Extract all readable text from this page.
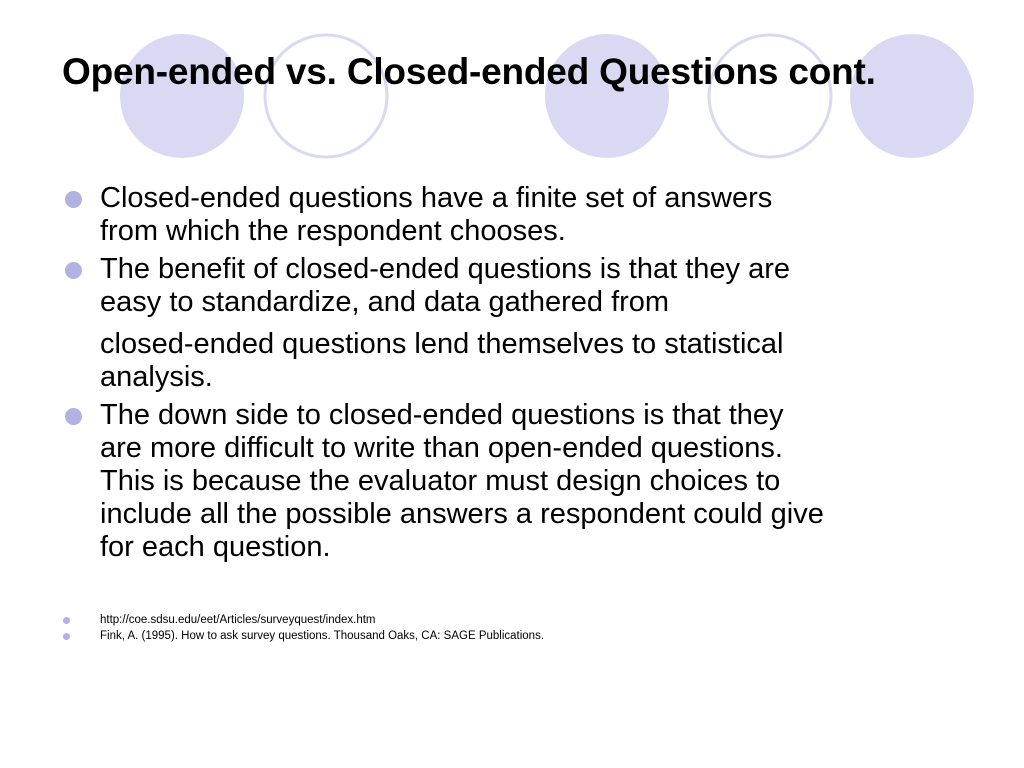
Open-ended vs. Closed-ended Questions cont.
Closed-ended questions have a finite set of answers
from which the respondent chooses.
The benefit of closed-ended questions is that they are
easy to standardize, and data gathered from
closed-ended questions lend themselves to statistical
analysis.
The down side to closed-ended questions is that they
are more difficult to write than open-ended questions.
This is because the evaluator must design choices to
include all the possible answers a respondent could give
for each question.
http://coe.sdsu.edu/eet/Articles/surveyquest/index.htm
Fink, A. (1995). How to ask survey questions. Thousand Oaks, CA: SAGE Publications.
